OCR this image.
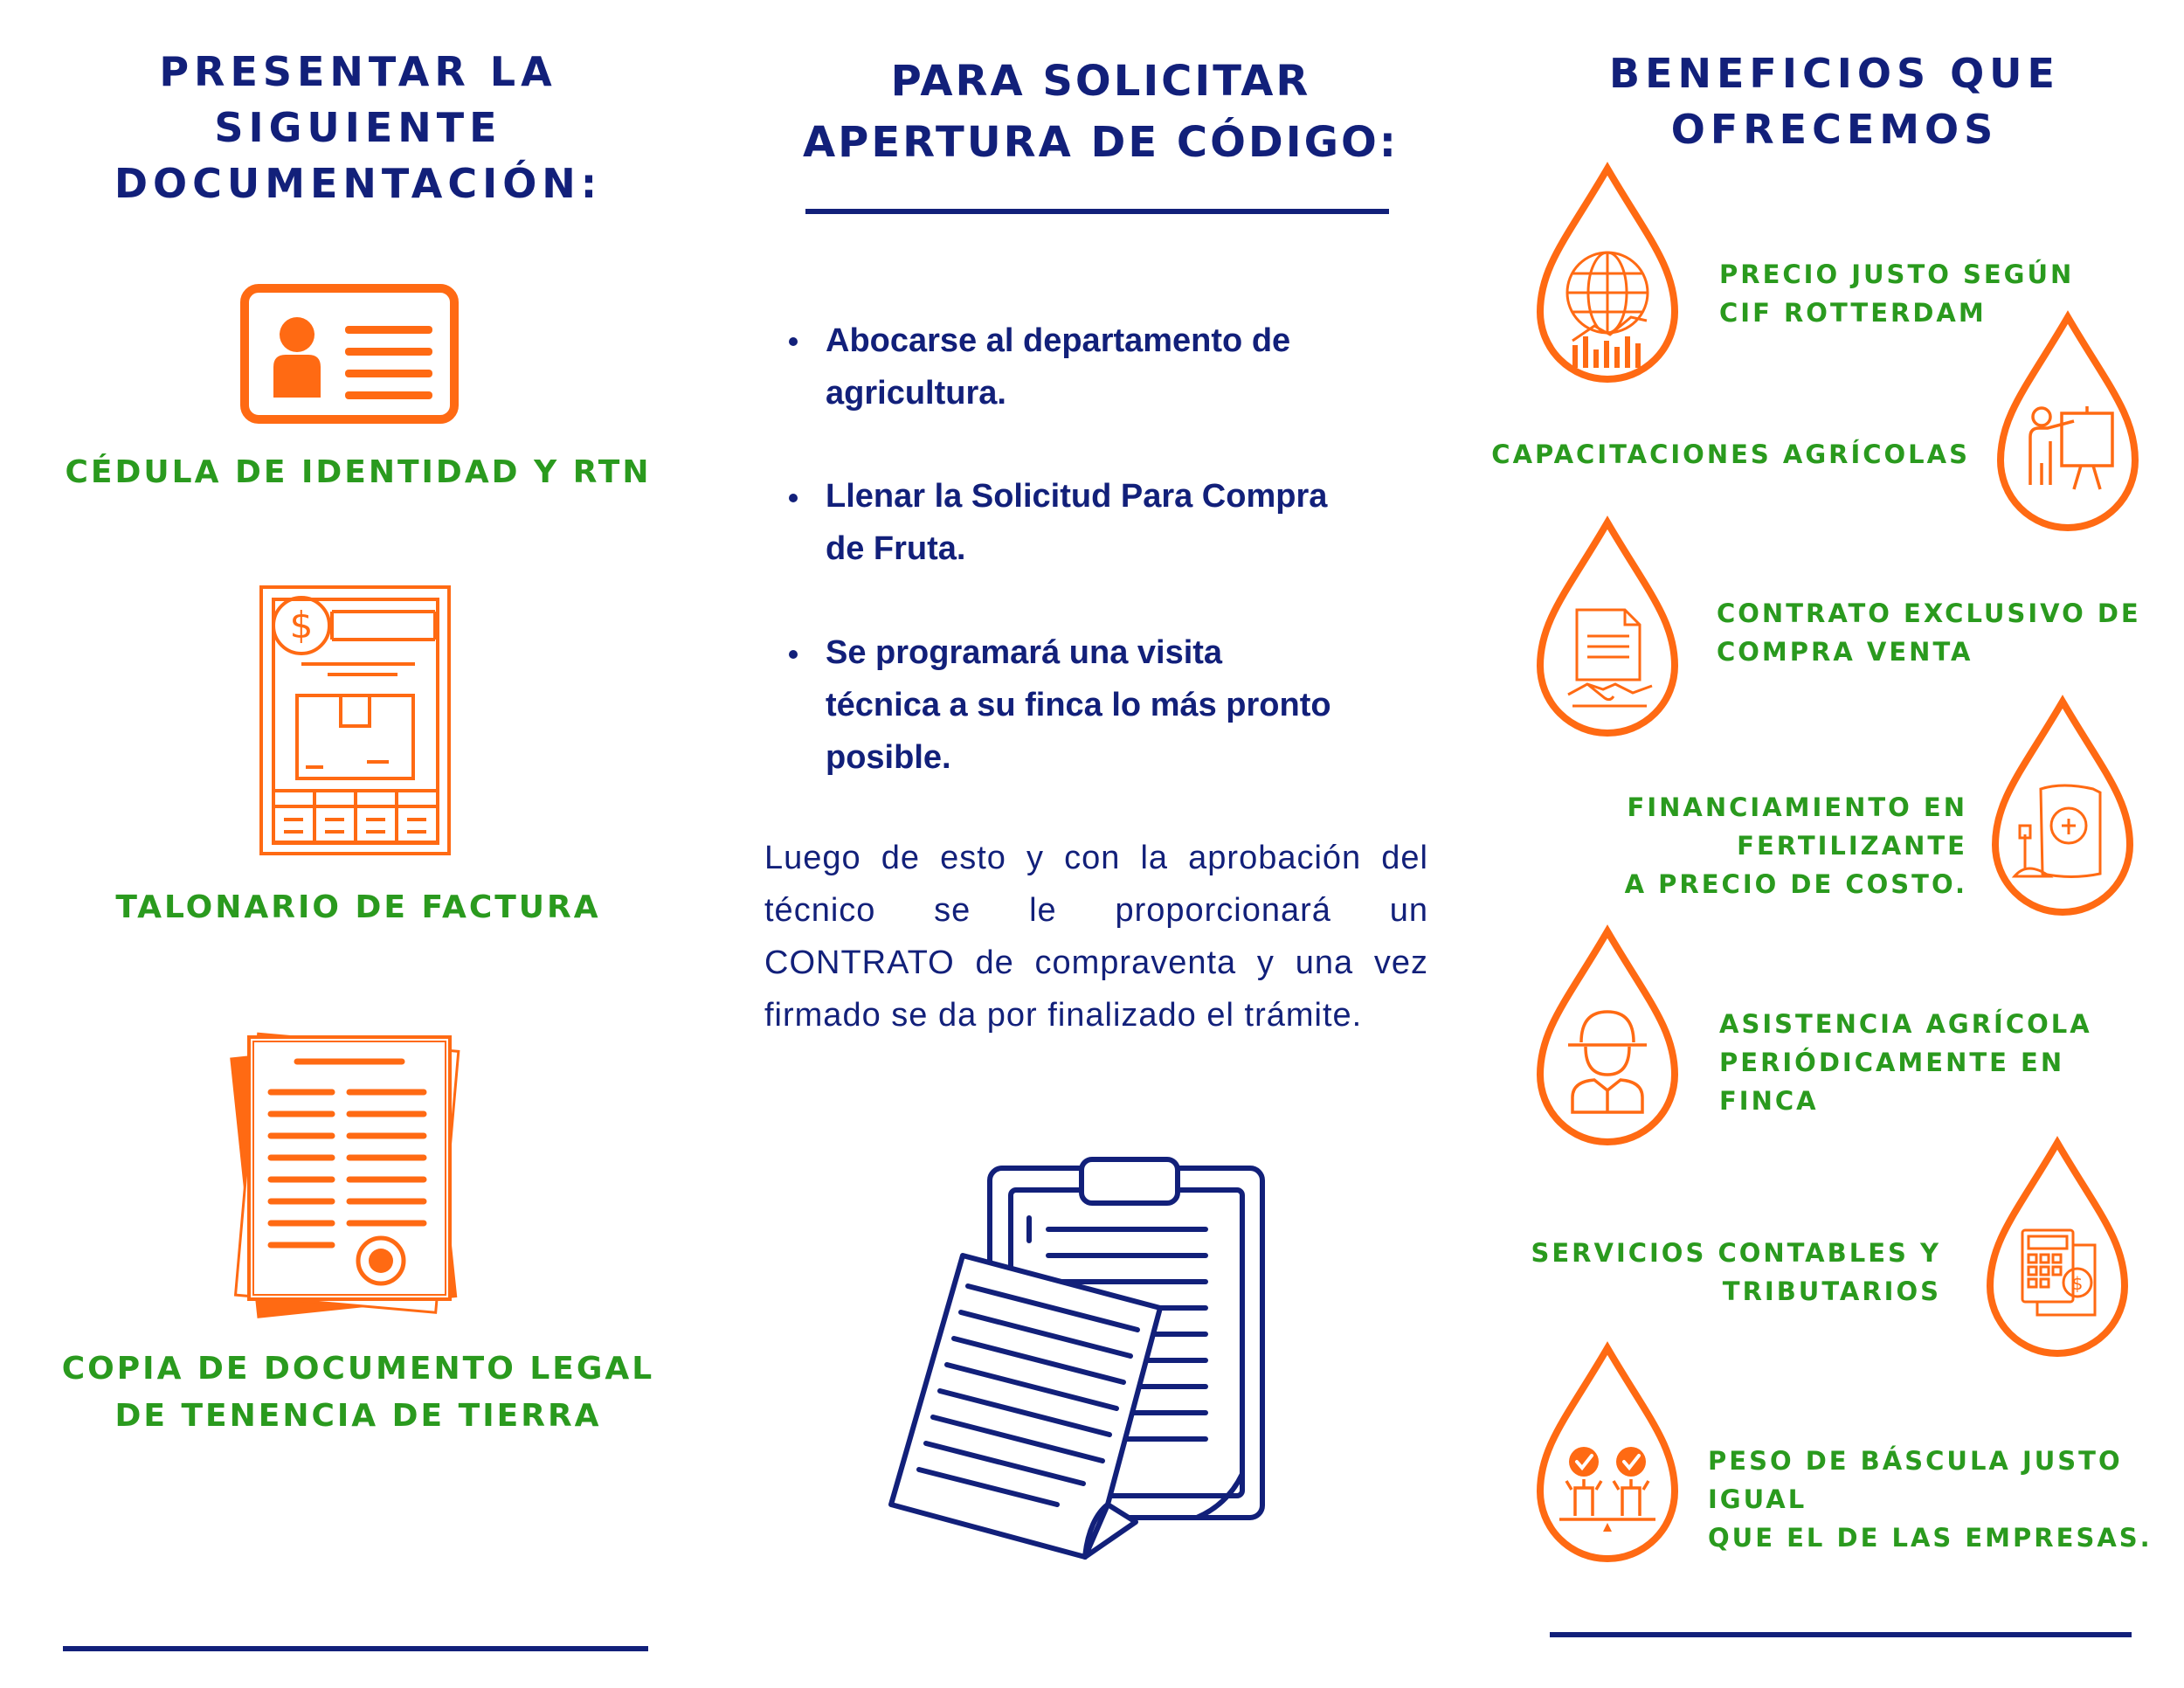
PRESENTAR LA SIGUIENTE
DOCUMENTACIÓN:
CÉDULA DE IDENTIDAD Y RTN
$
TALONARIO DE FACTURA
COPIA DE DOCUMENTO LEGAL
DE TENENCIA DE TIERRA
PARA SOLICITAR
APERTURA DE CÓDIGO:
Abocarse al departamento de
agricultura.
Llenar la Solicitud Para Compra
de Fruta.
Se programará una visita
técnica a su finca lo más pronto
posible.
Luego de esto y con la aprobación del técnico se le proporcionará un CONTRATO de compraventa y una vez firmado se da por finalizado el trámite.
BENEFICIOS QUE
OFRECEMOS
PRECIO JUSTO SEGÚN
CIF ROTTERDAM
CAPACITACIONES AGRÍCOLAS
CONTRATO EXCLUSIVO DE
COMPRA VENTA
FINANCIAMIENTO EN FERTILIZANTE
A PRECIO DE COSTO.
ASISTENCIA AGRÍCOLA
PERIÓDICAMENTE EN FINCA
$
SERVICIOS CONTABLES Y
TRIBUTARIOS
PESO DE BÁSCULA JUSTO IGUAL
QUE EL DE LAS EMPRESAS.
